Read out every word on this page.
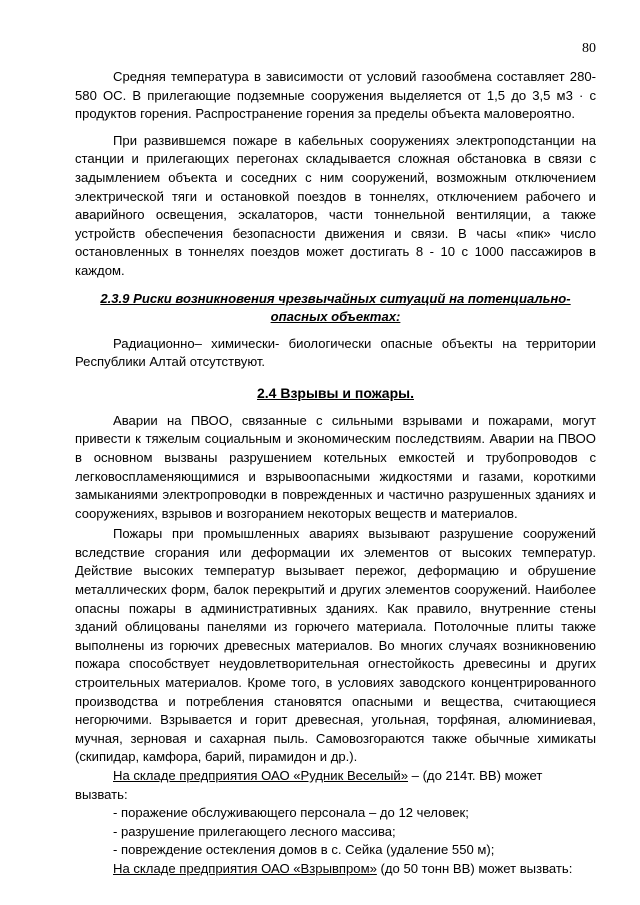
80

Средняя температура в зависимости от условий газообмена составляет 280-580 ОС. В прилегающие подземные сооружения выделяется от 1,5 до 3,5 м3 · с продуктов горения. Распространение горения за пределы объекта маловероятно.

При развившемся пожаре в кабельных сооружениях электроподстанции на станции и прилегающих перегонах складывается сложная обстановка в связи с задымлением объекта и соседних с ним сооружений, возможным отключением электрической тяги и остановкой поездов в тоннелях, отключением рабочего и аварийного освещения, эскалаторов, части тоннельной вентиляции, а также устройств обеспечения безопасности движения и связи. В часы «пик» число остановленных в тоннелях поездов может достигать 8 - 10 с 1000 пассажиров в каждом.

2.3.9 Риски возникновения чрезвычайных ситуаций на потенциально-опасных объектах:

Радиационно– химически- биологически опасные объекты на территории Республики Алтай отсутствуют.

2.4 Взрывы и пожары.

Аварии на ПВОО, связанные с сильными взрывами и пожарами, могут привести к тяжелым социальным и экономическим последствиям. Аварии на ПВОО в основном вызваны разрушением котельных емкостей и трубопроводов с легковоспламеняющимися и взрывоопасными жидкостями и газами, короткими замыканиями электропроводки в поврежденных и частично разрушенных зданиях и сооружениях, взрывов и возгоранием некоторых веществ и материалов.

Пожары при промышленных авариях вызывают разрушение сооружений вследствие сгорания или деформации их элементов от высоких температур. Действие высоких температур вызывает пережог, деформацию и обрушение металлических форм, балок перекрытий и других элементов сооружений. Наиболее опасны пожары в административных зданиях. Как правило, внутренние стены зданий облицованы панелями из горючего материала. Потолочные плиты также выполнены из горючих древесных материалов. Во многих случаях возникновению пожара способствует неудовлетворительная огнестойкость древесины и других строительных материалов. Кроме того, в условиях заводского концентрированного производства и потребления становятся опасными и вещества, считающиеся негорючими. Взрывается и горит древесная, угольная, торфяная, алюминиевая, мучная, зерновая и сахарная пыль. Самовозгораются также обычные химикаты (скипидар, камфора, барий, пирамидон и др.).

На складе предприятия ОАО «Рудник Веселый» – (до 214т. ВВ) может вызвать:

- поражение обслуживающего персонала – до 12 человек;

- разрушение прилегающего лесного массива;

- повреждение остекления домов в с. Сейка (удаление 550 м);

На складе предприятия ОАО «Взрывпром» (до 50 тонн ВВ) может вызвать:
